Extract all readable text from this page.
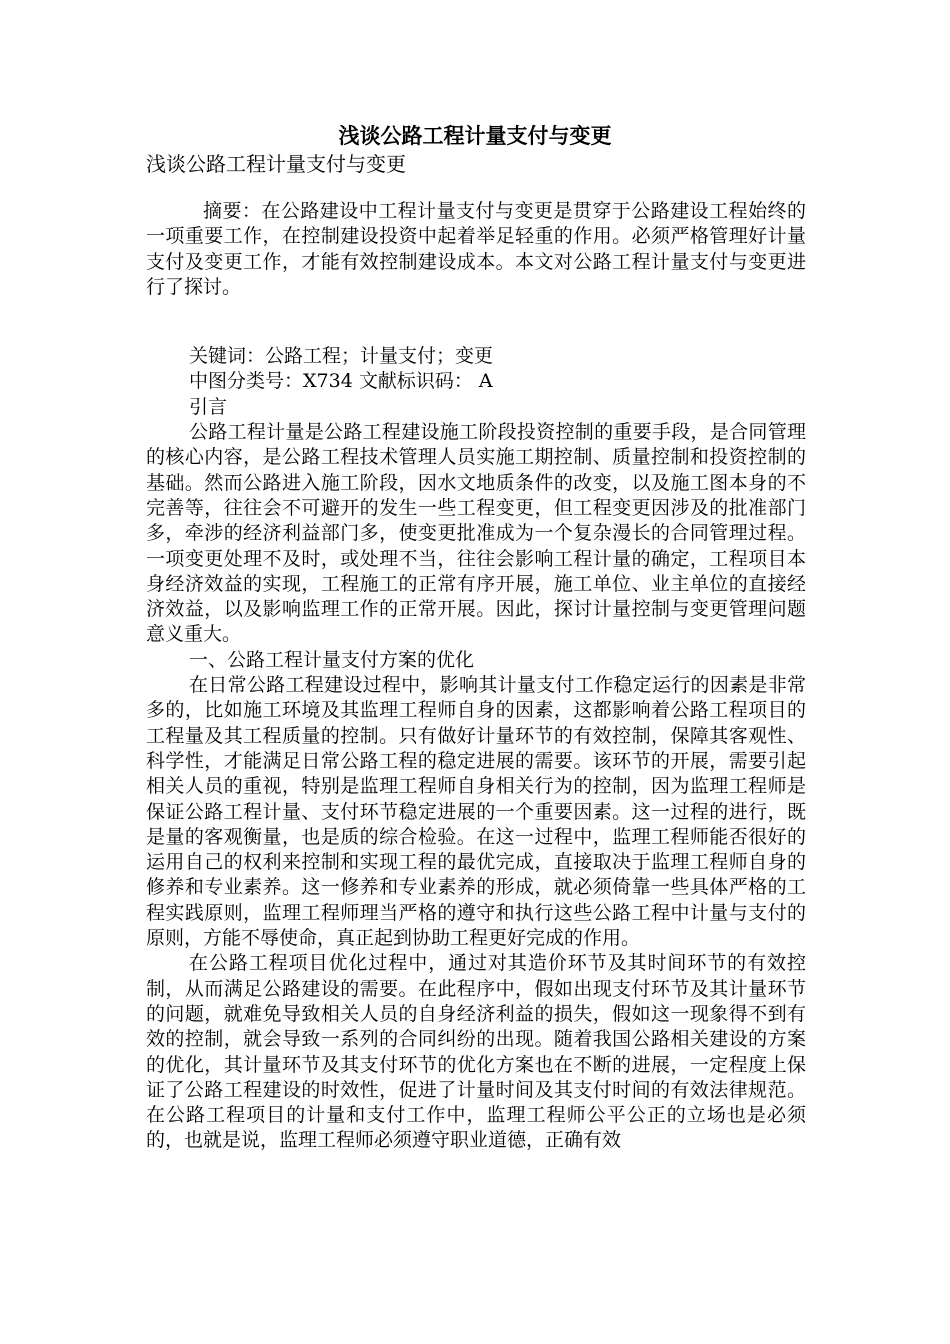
浅谈公路工程计量支付与变更
浅谈公路工程计量支付与变更

摘要：在公路建设中工程计量支付与变更是贯穿于公路建设工程始终的一项重要工作，在控制建设投资中起着举足轻重的作用。必须严格管理好计量支付及变更工作，才能有效控制建设成本。本文对公路工程计量支付与变更进行了探讨。

关键词：公路工程；计量支付；变更

中图分类号：X734 文献标识码： A

引言

公路工程计量是公路工程建设施工阶段投资控制的重要手段，是合同管理的核心内容，是公路工程技术管理人员实施工期控制、质量控制和投资控制的基础。然而公路进入施工阶段，因水文地质条件的改变，以及施工图本身的不完善等，往往会不可避开的发生一些工程变更，但工程变更因涉及的批准部门多，牵涉的经济利益部门多，使变更批准成为一个复杂漫长的合同管理过程。一项变更处理不及时，或处理不当，往往会影响工程计量的确定，工程项目本身经济效益的实现，工程施工的正常有序开展，施工单位、业主单位的直接经济效益，以及影响监理工作的正常开展。因此，探讨计量控制与变更管理问题意义重大。

一、公路工程计量支付方案的优化

在日常公路工程建设过程中，影响其计量支付工作稳定运行的因素是非常多的，比如施工环境及其监理工程师自身的因素，这都影响着公路工程项目的工程量及其工程质量的控制。只有做好计量环节的有效控制，保障其客观性、科学性，才能满足日常公路工程的稳定进展的需要。该环节的开展，需要引起相关人员的重视，特别是监理工程师自身相关行为的控制，因为监理工程师是保证公路工程计量、支付环节稳定进展的一个重要因素。这一过程的进行，既是量的客观衡量，也是质的综合检验。在这一过程中，监理工程师能否很好的运用自己的权利来控制和实现工程的最优完成，直接取决于监理工程师自身的修养和专业素养。这一修养和专业素养的形成，就必须倚靠一些具体严格的工程实践原则，监理工程师理当严格的遵守和执行这些公路工程中计量与支付的原则，方能不辱使命，真正起到协助工程更好完成的作用。

在公路工程项目优化过程中，通过对其造价环节及其时间环节的有效控制，从而满足公路建设的需要。在此程序中，假如出现支付环节及其计量环节的问题，就难免导致相关人员的自身经济利益的损失，假如这一现象得不到有效的控制，就会导致一系列的合同纠纷的出现。随着我国公路相关建设的方案的优化，其计量环节及其支付环节的优化方案也在不断的进展，一定程度上保证了公路工程建设的时效性，促进了计量时间及其支付时间的有效法律规范。在公路工程项目的计量和支付工作中，监理工程师公平公正的立场也是必须的，也就是说，监理工程师必须遵守职业道德，正确有效
